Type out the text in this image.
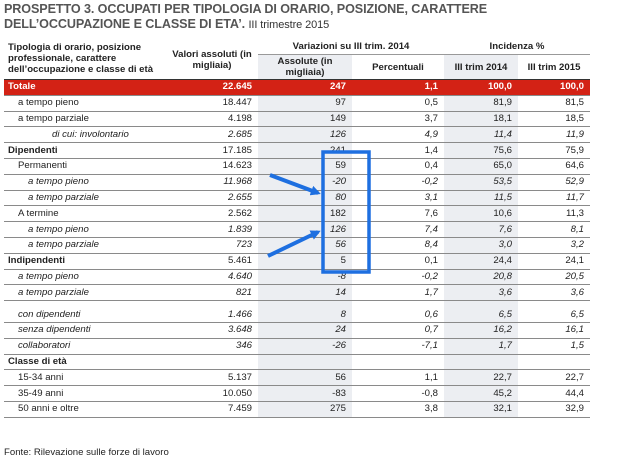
PROSPETTO 3. OCCUPATI PER TIPOLOGIA DI ORARIO, POSIZIONE, CARATTERE DELL’OCCUPAZIONE E CLASSE DI ETA’. III trimestre 2015
Tipologia di orario, posizione professionale, carattere dell’occupazione e classe di età	Valori assoluti (in migliaia)	Variazioni su III trim. 2014		Incidenza %	
		Assolute (in migliaia)	Percentuali	III trim 2014	III trim 2015
Totale	22.645	247	1,1	100,0	100,0
a tempo pieno	18.447	97	0,5	81,9	81,5
a tempo parziale	4.198	149	3,7	18,1	18,5
di cui: involontario	2.685	126	4,9	11,4	11,9
Dipendenti	17.185	241	1,4	75,6	75,9
Permanenti	14.623	59	0,4	65,0	64,6
a tempo pieno	11.968	-20	-0,2	53,5	52,9
a tempo parziale	2.655	80	3,1	11,5	11,7
A termine	2.562	182	7,6	10,6	11,3
a tempo pieno	1.839	126	7,4	7,6	8,1
a tempo parziale	723	56	8,4	3,0	3,2
Indipendenti	5.461	5	0,1	24,4	24,1
a tempo pieno	4.640	-8	-0,2	20,8	20,5
a tempo parziale	821	14	1,7	3,6	3,6

con dipendenti	1.466	8	0,6	6,5	6,5
senza dipendenti	3.648	24	0,7	16,2	16,1
collaboratori	346	-26	-7,1	1,7	1,5
Classe di età					
15-34 anni	5.137	56	1,1	22,7	22,7
35-49 anni	10.050	-83	-0,8	45,2	44,4
50 anni e oltre	7.459	275	3,8	32,1	32,9
Fonte: Rilevazione sulle forze di lavoro
